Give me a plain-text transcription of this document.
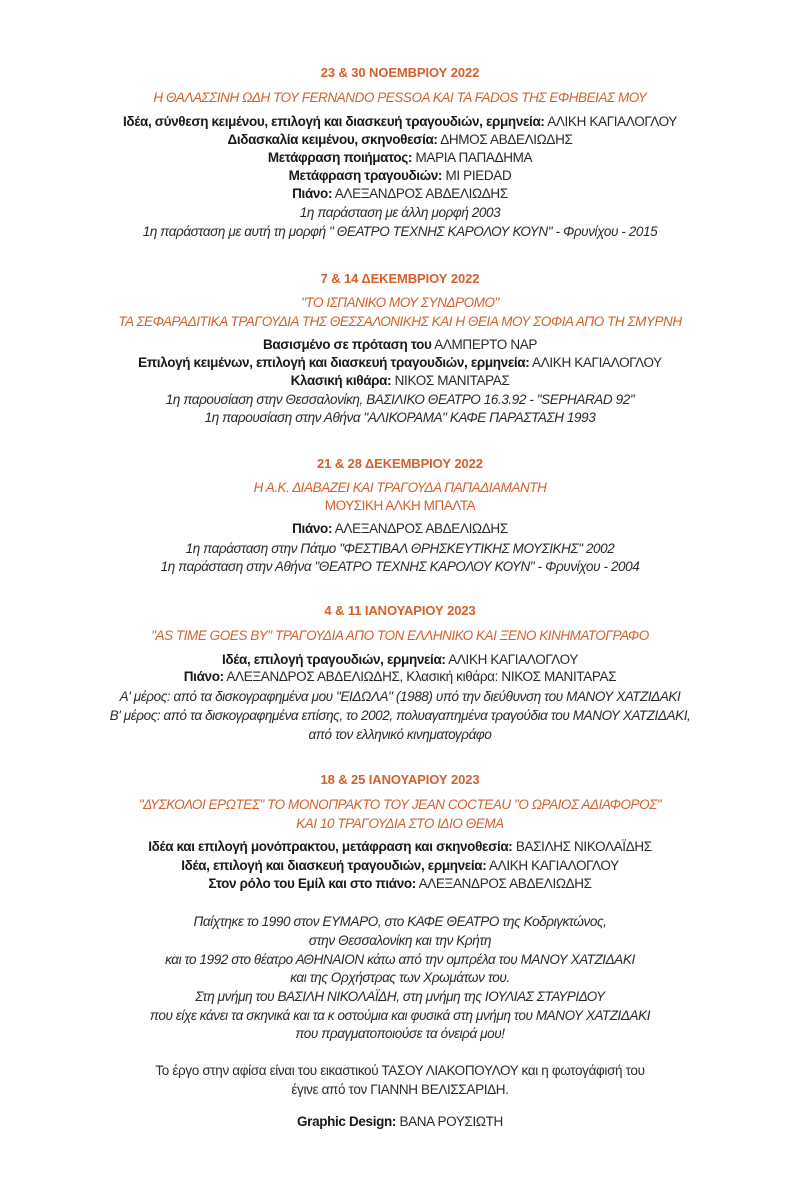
23 & 30 ΝΟΕΜΒΡΙΟΥ 2022
Η ΘΑΛΑΣΣΙΝΗ ΩΔΗ ΤΟΥ FERNANDO PESSOA ΚΑΙ ΤΑ FADOS ΤΗΣ ΕΦΗΒΕΙΑΣ ΜΟΥ
Ιδέα, σύνθεση κειμένου, επιλογή και διασκευή τραγουδιών, ερμηνεία: ΑΛΙΚΗ ΚΑΓΙΑΛΟΓΛΟΥ
Διδασκαλία κειμένου, σκηνοθεσία: ΔΗΜΟΣ ΑΒΔΕΛΙΩΔΗΣ
Μετάφραση ποιήματος: ΜΑΡΙΑ ΠΑΠΑΔΗΜΑ
Μετάφραση τραγουδιών: MI PIEDAD
Πιάνο: ΑΛΕΞΑΝΔΡΟΣ ΑΒΔΕΛΙΩΔΗΣ
1η παράσταση με άλλη μορφή 2003
1η παράσταση με αυτή τη μορφή " ΘΕΑΤΡΟ ΤΕΧΝΗΣ ΚΑΡΟΛΟΥ ΚΟΥΝ" - Φρυνίχου - 2015
7 & 14 ΔΕΚΕΜΒΡΙΟΥ 2022
"ΤΟ ΙΣΠΑΝΙΚΟ ΜΟΥ ΣΥΝΔΡΟΜΟ"
ΤΑ ΣΕΦΑΡΑΔΙΤΙΚΑ ΤΡΑΓΟΥΔΙΑ ΤΗΣ ΘΕΣΣΑΛΟΝΙΚΗΣ ΚΑΙ Η ΘΕΙΑ ΜΟΥ ΣΟΦΙΑ ΑΠΟ ΤΗ ΣΜΥΡΝΗ
Βασισμένο σε πρόταση του ΑΛΜΠΕΡΤΟ ΝΑΡ
Επιλογή κειμένων, επιλογή και διασκευή τραγουδιών, ερμηνεία: ΑΛΙΚΗ ΚΑΓΙΑΛΟΓΛΟΥ
Κλασική κιθάρα: ΝΙΚΟΣ ΜΑΝΙΤΑΡΑΣ
1η παρουσίαση στην Θεσσαλονίκη, ΒΑΣΙΛΙΚΟ ΘΕΑΤΡΟ 16.3.92 - "SEPHARAD 92"
1η παρουσίαση στην Αθήνα "ΑΛΙΚΟΡΑΜΑ" ΚΑΦΕ ΠΑΡΑΣΤΑΣΗ 1993
21 & 28 ΔΕΚΕΜΒΡΙΟΥ 2022
Η Α.Κ. ΔΙΑΒΑΖΕΙ ΚΑΙ ΤΡΑΓΟΥΔΑ ΠΑΠΑΔΙΑΜΑΝΤΗ
ΜΟΥΣΙΚΗ ΑΛΚΗ ΜΠΑΛΤΑ
Πιάνο: ΑΛΕΞΑΝΔΡΟΣ ΑΒΔΕΛΙΩΔΗΣ
1η παράσταση στην Πάτμο "ΦΕΣΤΙΒΑΛ ΘΡΗΣΚΕΥΤΙΚΗΣ ΜΟΥΣΙΚΗΣ" 2002
1η παράσταση στην Αθήνα "ΘΕΑΤΡΟ ΤΕΧΝΗΣ ΚΑΡΟΛΟΥ ΚΟΥΝ" - Φρυνίχου - 2004
4 & 11 ΙΑΝΟΥΑΡΙΟΥ 2023
"AS TIME GOES BY" ΤΡΑΓΟΥΔΙΑ ΑΠΟ ΤΟΝ ΕΛΛΗΝΙΚΟ ΚΑΙ ΞΕΝΟ ΚΙΝΗΜΑΤΟΓΡΑΦΟ
Ιδέα, επιλογή τραγουδιών, ερμηνεία: ΑΛΙΚΗ ΚΑΓΙΑΛΟΓΛΟΥ
Πιάνο: ΑΛΕΞΑΝΔΡΟΣ ΑΒΔΕΛΙΩΔΗΣ, Κλασική κιθάρα: ΝΙΚΟΣ ΜΑΝΙΤΑΡΑΣ
Α' μέρος: από τα δισκογραφημένα μου "ΕΙΔΩΛΑ" (1988) υπό την διεύθυνση του ΜΑΝΟΥ ΧΑΤΖΙΔΑΚΙ
Β' μέρος: από τα δισκογραφημένα επίσης, το 2002, πολυαγαπημένα τραγούδια του ΜΑΝΟΥ ΧΑΤΖΙΔΑΚΙ,
από τον ελληνικό κινηματογράφο
18 & 25 ΙΑΝΟΥΑΡΙΟΥ 2023
"ΔΥΣΚΟΛΟΙ ΕΡΩΤΕΣ" ΤΟ ΜΟΝΟΠΡΑΚΤΟ ΤΟΥ JEAN COCTEAU "Ο ΩΡΑΙΟΣ ΑΔΙΑΦΟΡΟΣ"
ΚΑΙ 10 ΤΡΑΓΟΥΔΙΑ ΣΤΟ ΙΔΙΟ ΘΕΜΑ
Ιδέα και επιλογή μονόπρακτου, μετάφραση και σκηνοθεσία: ΒΑΣΙΛΗΣ ΝΙΚΟΛΑΪΔΗΣ
Ιδέα, επιλογή και διασκευή τραγουδιών, ερμηνεία: ΑΛΙΚΗ ΚΑΓΙΑΛΟΓΛΟΥ
Στον ρόλο του Εμίλ και στο πιάνο: ΑΛΕΞΑΝΔΡΟΣ ΑΒΔΕΛΙΩΔΗΣ
Παίχτηκε το 1990 στον ΕΥΜΑΡΟ, στο ΚΑΦΕ ΘΕΑΤΡΟ της Κοδριγκτώνος,
στην Θεσσαλονίκη και την Κρήτη
και το 1992 στο θέατρο ΑΘΗΝΑΙΟΝ κάτω από την ομπρέλα του ΜΑΝΟΥ ΧΑΤΖΙΔΑΚΙ
και της Ορχήστρας των Χρωμάτων του.
Στη μνήμη του ΒΑΣΙΛΗ ΝΙΚΟΛΑΪΔΗ, στη μνήμη της ΙΟΥΛΙΑΣ ΣΤΑΥΡΙΔΟΥ
που είχε κάνει τα σκηνικά και τα κ οστούμια και φυσικά στη μνήμη του ΜΑΝΟΥ ΧΑΤΖΙΔΑΚΙ
που πραγματοποιούσε τα όνειρά μου!
Το έργο στην αφίσα είναι του εικαστικού ΤΑΣΟΥ ΛΙΑΚΟΠΟΥΛΟΥ και η φωτογάφισή του
έγινε από τον ΓΙΑΝΝΗ ΒΕΛΙΣΣΑΡΙΔΗ.
Graphic Design: ΒΑΝΑ ΡΟΥΣΙΩΤΗ
